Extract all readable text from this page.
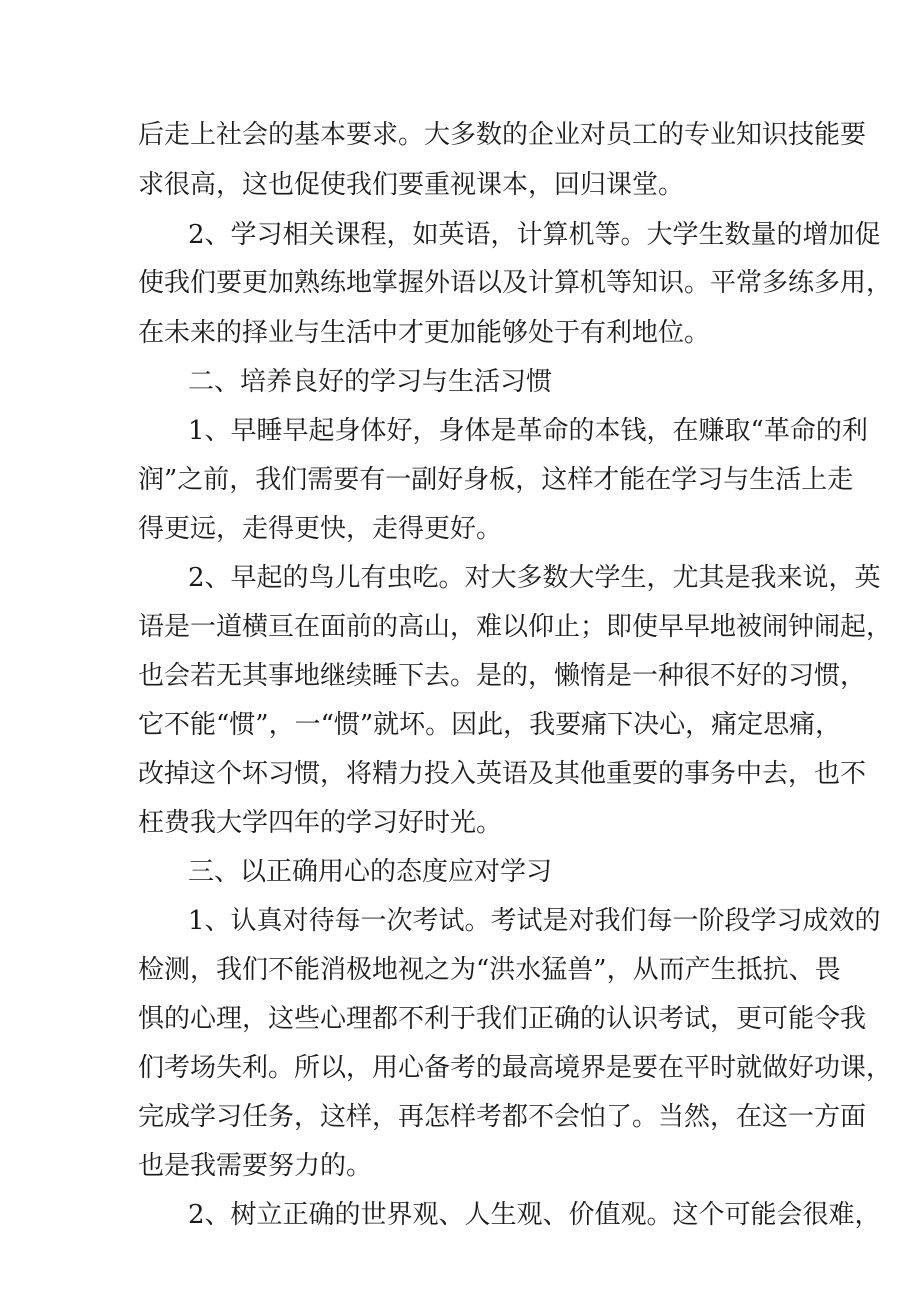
后走上社会的基本要求。大多数的企业对员工的专业知识技能要
求很高，这也促使我们要重视课本，回归课堂。
2、学习相关课程，如英语，计算机等。大学生数量的增加促
使我们要更加熟练地掌握外语以及计算机等知识。平常多练多用，
在未来的择业与生活中才更加能够处于有利地位。
二、培养良好的学习与生活习惯
1、早睡早起身体好，身体是革命的本钱，在赚取“革命的利
润”之前，我们需要有一副好身板，这样才能在学习与生活上走
得更远，走得更快，走得更好。
2、早起的鸟儿有虫吃。对大多数大学生，尤其是我来说，英
语是一道横亘在面前的高山，难以仰止；即使早早地被闹钟闹起，
也会若无其事地继续睡下去。是的，懒惰是一种很不好的习惯，
它不能“惯”，一“惯”就坏。因此，我要痛下决心，痛定思痛，
改掉这个坏习惯，将精力投入英语及其他重要的事务中去，也不
枉费我大学四年的学习好时光。
三、以正确用心的态度应对学习
1、认真对待每一次考试。考试是对我们每一阶段学习成效的
检测，我们不能消极地视之为“洪水猛兽”，从而产生抵抗、畏
惧的心理，这些心理都不利于我们正确的认识考试，更可能令我
们考场失利。所以，用心备考的最高境界是要在平时就做好功课，
完成学习任务，这样，再怎样考都不会怕了。当然，在这一方面
也是我需要努力的。
2、树立正确的世界观、人生观、价值观。这个可能会很难，
